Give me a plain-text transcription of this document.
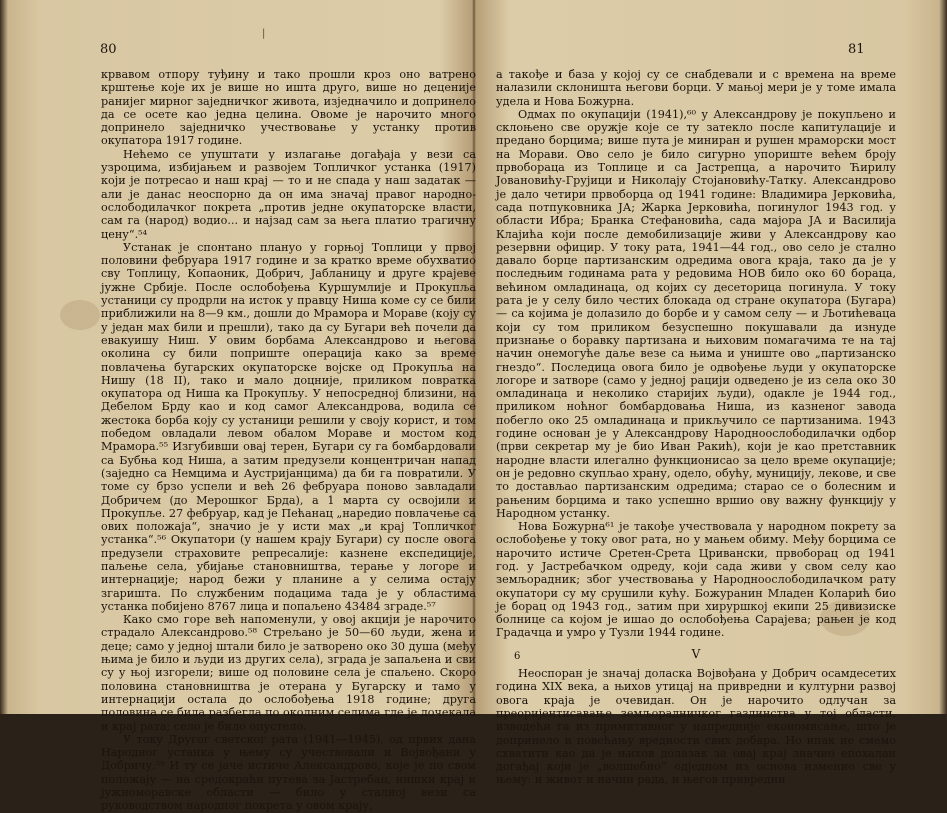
80
|

крвавом отпору туђину и тако прошли кроз оно ватрено крштење које их је више но ишта друго, више но деценије ранијег мирног заједничког живота, изједначило и допринело да се осете као једна целина. Овоме је нарочито много допринело заједничко учествовање у устанку против окупатора 1917 године.

Нећемо се упуштати у излагање догађаја у вези са узроцима, избијањем и развојем Топличког устанка (1917) који је потресао и наш крај — то и не спада у наш задатак — али је данас неоспорно да он има значај правог народно-ослободилачког покрета „против једне окупаторске власти, сам га (народ) водио... и најзад сам за њега платио трагичну цену“.⁵⁴

Устанак је спонтано плануо у горњој Топлици у првој половини фебруара 1917 године и за кратко време обухватио сву Топлицу, Копаоник, Добрич, Јабланицу и друге крајеве јужне Србије. После ослобођења Куршумлије и Прокупља устаници су продрли на исток у правцу Ниша коме су се били приближили на 8—9 км., дошли до Мрамора и Мораве (коју су у један мах били и прешли), тако да су Бугари већ почели да евакуишу Ниш. У овим борбама Александрово и његова околина су били поприште операција како за време повлачења бугарских окупаторске војске од Прокупља на Нишу (18 II), тако и мало доцније, приликом повратка окупатора од Ниша ка Прокупљу. У непосредној близини, на Дебелом Брду као и код самог Александрова, водила се жестока борба коју су устаници решили у своју корист, и том победом овладали левом обалом Мораве и мостом код Мрамора.⁵⁵ Изгубивши овај терен, Бугари су га бомбардовали са Бубња код Ниша, а затим предузели концентричан напад (заједно са Немцима и Аустријанцима) да би га повратили. У томе су брзо успели и већ 26 фебруара поново завладали Добричем (до Мерошког Брда), а 1 марта су освојили и Прокупље. 27 фебруар, кад је Пећанац „наредио повлачење са ових положаја“, значио је у исти мах „и крај Топличког устанка“.⁵⁶ Окупатори (у нашем крају Бугари) су после овога предузели страховите репресалије: казнене експедиције, паљење села, убијање становништва, терање у логоре и интернације; народ бежи у планине а у селима остају згаришта. По службеним подацима тада је у областима устанка побијено 8767 лица и попаљено 43484 зграде.⁵⁷

Како смо горе већ напоменули, у овој акцији је нарочито страдало Александрово.⁵⁸ Стрељано је 50—60 људи, жена и деце; само у једној штали било је затворено око 30 душа (међу њима је било и људи из других села), зграда је запаљена и сви су у њој изгорели; више од половине села је спаљено. Скоро половина становништва је отерана у Бугарску и тамо у интернацији остала до ослобођења 1918 године; друга половина се била разбегла по околним селима где је дочекала и крај рата; село је било опустело.

У току Другог светског рата (1941—1945), од првих дана Народног устанка у њему су учествовали и Војвођани у Добричу.⁵⁹ И ту се јаче истиче Александрово, које је по свом положају — на средокраћи путева за Јастребац, нишки крај и јужноморавске области — било у сталној вези са руководством народног покрета у овом крају,

81

а такође и база у којој су се снабдевали и с времена на време налазили склоништа његови борци. У мањој мери је у томе имала удела и Нова Божурна.

Одмах по окупацији (1941),⁶⁰ у Александрову је покупљено и склоњено све оружје које се ту затекло после капитулације и предано борцима; више пута је миниран и рушен мраморски мост на Морави. Ово село је било сигурно упориште већем броју првобораца из Топлице и са Јастрепца, а нарочито Ћирилу Јовановићу-Грујици и Николају Стојановићу-Татку. Александрово је дало четири првоборца од 1941 године: Владимира Јерковића, сада потпуковника ЈА; Жарка Јерковића, погинулог 1943 год. у области Ибра; Бранка Стефановића, сада мајора ЈА и Василија Клајића који после демобилизације живи у Александрову као резервни официр. У току рата, 1941—44 год., ово село је стално давало борце партизанским одредима овога краја, тако да је у последњим годинама рата у редовима НОВ било око 60 бораца, већином омладинаца, од којих су десеторица погинула. У току рата је у селу било честих блокада од стране окупатора (Бугара) — са којима је долазило до борбе и у самом селу — и Љотићеваца који су том приликом безуспешно покушавали да изнуде признање о боравку партизана и њиховим помагачима те на тај начин онемогуће даље везе са њима и униште ово „партизанско гнездо“. Последица овога било је одвођење људи у окупаторске логоре и затворе (само у једној рацији одведено је из села око 30 омладинаца и неколико старијих људи), одакле је 1944 год., приликом ноћног бомбардовања Ниша, из казненог завода побегло око 25 омладинаца и прикључило се партизанима. 1943 године основан је у Александрову Народноослободилачки одбор (први секретар му је био Иван Ракић), који је као претставник народне власти илегално функционисао за цело време окупације; он је редовно скупљао храну, одело, обућу, муницију, лекове, и све то достављао партизанским одредима; старао се о болесним и рањеним борцима и тако успешно вршио ову важну функцију у Народном устанку.

Нова Божурна⁶¹ је такође учествовала у народном покрету за ослобођење у току овог рата, но у мањем обиму. Међу борцима се нарочито истиче Сретен-Срета Цривански, првоборац од 1941 год. у Јастребачком одреду, који сада живи у свом селу као земљорадник; због учествовања у Народноослободилачком рату окупатори су му срушили кућу. Божуранин Младен Коларић био је борац од 1943 год., затим при хируршкој екипи 25 дивизиске болнице са којом је ишао до ослобођења Сарајева; рањен је код Градачца и умро у Тузли 1944 године.

V

Неоспоран је значај доласка Војвођана у Добрич осамдесетих година XIX века, а њихов утицај на привредни и културни развој овога краја је очевидан. Он је нарочито одлучан за преоријентисавање земљорадничког газдинства у тој области, изводећи га из примитивног у напредније економисање, што је допринело и повећању вредности свих добара. Но ипак не смемо схватити као да је њихов долазак за овај крај значио епохалан догађај који је „волшебно“ одједном из основа изменио све у њему: и живот и начин рада, и његов привредни

6
